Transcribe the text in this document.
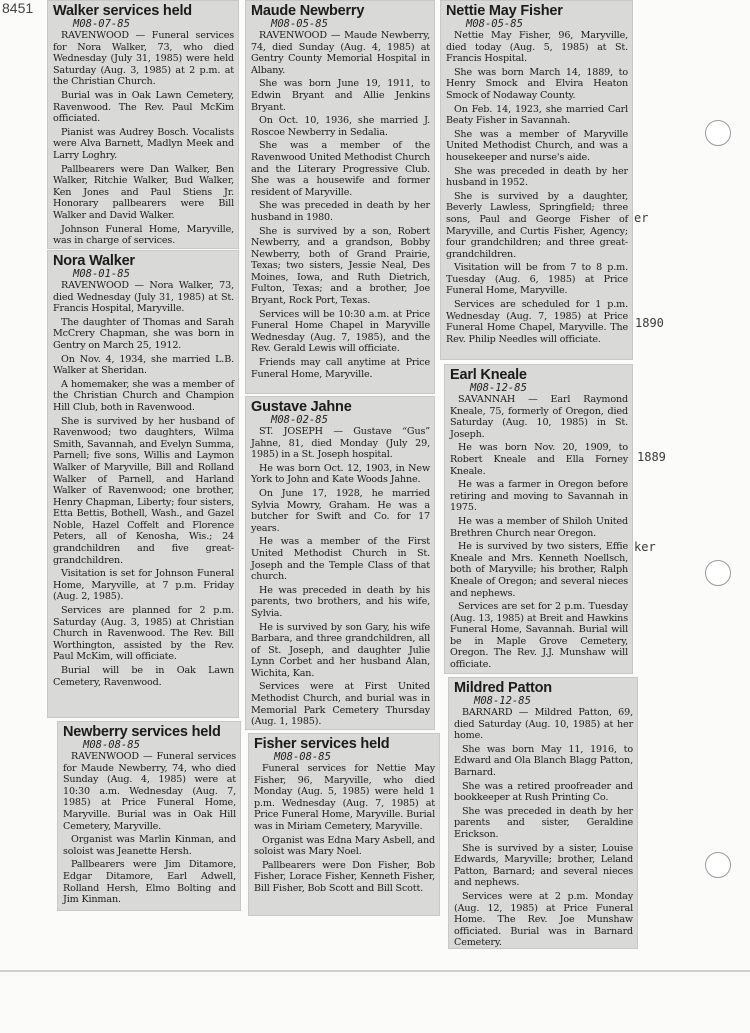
8451 Walker services held

M08-07-85

RAVENWOOD — Funeral services for Nora Walker, 73, who died Wednesday (July 31, 1985) were held Saturday (Aug. 3, 1985) at 2 p.m. at the Christian Church.

Burial was in Oak Lawn Cemetery, Ravenwood. The Rev. Paul McKim officiated.

Pianist was Audrey Bosch. Vocalists were Alva Barnett, Madlyn Meek and Larry Loghry.

Pallbearers were Dan Walker, Ben Walker, Ritchie Walker, Bud Walker, Ken Jones and Paul Stiens Jr. Honorary pallbearers were Bill Walker and David Walker.

Johnson Funeral Home, Maryville, was in charge of services.

Nora Walker

M08-01-85

RAVENWOOD — Nora Walker, 73, died Wednesday (July 31, 1985) at St. Francis Hospital, Maryville.

The daughter of Thomas and Sarah McCrery Chapman, she was born in Gentry on March 25, 1912.

On Nov. 4, 1934, she married L.B. Walker at Sheridan.

A homemaker, she was a member of the Christian Church and Champion Hill Club, both in Ravenwood.

She is survived by her husband of Ravenwood; two daughters, Wilma Smith, Savannah, and Evelyn Summa, Parnell; five sons, Willis and Laymon Walker of Maryville, Bill and Rolland Walker of Parnell, and Harland Walker of Ravenwood; one brother, Henry Chapman, Liberty; four sisters, Etta Bettis, Bothell, Wash., and Gazel Noble, Hazel Coffelt and Florence Peters, all of Kenosha, Wis.; 24 grandchildren and five great-grandchildren.

Visitation is set for Johnson Funeral Home, Maryville, at 7 p.m. Friday (Aug. 2, 1985).

Services are planned for 2 p.m. Saturday (Aug. 3, 1985) at Christian Church in Ravenwood. The Rev. Bill Worthington, assisted by the Rev. Paul McKim, will officiate.

Burial will be in Oak Lawn Cemetery, Ravenwood.

Newberry services held

M08-08-85

RAVENWOOD — Funeral services for Maude Newberry, 74, who died Sunday (Aug. 4, 1985) were at 10:30 a.m. Wednesday (Aug. 7, 1985) at Price Funeral Home, Maryville. Burial was in Oak Hill Cemetery, Maryville.

Organist was Marlin Kinman, and soloist was Jeanette Hersh.

Pallbearers were Jim Ditamore, Edgar Ditamore, Earl Adwell, Rolland Hersh, Elmo Bolting and Jim Kinman.

Maude Newberry

M08-05-85

RAVENWOOD — Maude Newberry, 74, died Sunday (Aug. 4, 1985) at Gentry County Memorial Hospital in Albany.

She was born June 19, 1911, to Edwin Bryant and Allie Jenkins Bryant.

On Oct. 10, 1936, she married J. Roscoe Newberry in Sedalia.

She was a member of the Ravenwood United Methodist Church and the Literary Progressive Club. She was a housewife and former resident of Maryville.

She was preceded in death by her husband in 1980.

She is survived by a son, Robert Newberry, and a grandson, Bobby Newberry, both of Grand Prairie, Texas; two sisters, Jessie Neal, Des Moines, Iowa, and Ruth Dietrich, Fulton, Texas; and a brother, Joe Bryant, Rock Port, Texas.

Services will be 10:30 a.m. at Price Funeral Home Chapel in Maryville Wednesday (Aug. 7, 1985), and the Rev. Gerald Lewis will officiate.

Friends may call anytime at Price Funeral Home, Maryville.

Gustave Jahne

M08-02-85

ST. JOSEPH — Gustave “Gus” Jahne, 81, died Monday (July 29, 1985) in a St. Joseph hospital.

He was born Oct. 12, 1903, in New York to John and Kate Woods Jahne.

On June 17, 1928, he married Sylvia Mowry, Graham. He was a butcher for Swift and Co. for 17 years.

He was a member of the First United Methodist Church in St. Joseph and the Temple Class of that church.

He was preceded in death by his parents, two brothers, and his wife, Sylvia.

He is survived by son Gary, his wife Barbara, and three grandchildren, all of St. Joseph, and daughter Julie Lynn Corbet and her husband Alan, Wichita, Kan.

Services were at First United Methodist Church, and burial was in Memorial Park Cemetery Thursday (Aug. 1, 1985).

Fisher services held

M08-08-85

Funeral services for Nettie May Fisher, 96, Maryville, who died Monday (Aug. 5, 1985) were held 1 p.m. Wednesday (Aug. 7, 1985) at Price Funeral Home, Maryville. Burial was in Miriam Cemetery, Maryville.

Organist was Edna Mary Asbell, and soloist was Mary Noel.

Pallbearers were Don Fisher, Bob Fisher, Lorace Fisher, Kenneth Fisher, Bill Fisher, Bob Scott and Bill Scott.

Nettie May Fisher

M08-05-85

Nettie May Fisher, 96, Maryville, died today (Aug. 5, 1985) at St. Francis Hospital.

She was born March 14, 1889, to Henry Smock and Elvira Heaton Smock of Nodaway County.

On Feb. 14, 1923, she married Carl Beaty Fisher in Savannah.

She was a member of Maryville United Methodist Church, and was a housekeeper and nurse's aide.

She was preceded in death by her husband in 1952.

She is survived by a daughter, Beverly Lawless, Springfield; three sons, Paul and George Fisher of Maryville, and Curtis Fisher, Agency; four grandchildren; and three great-grandchildren.

Visitation will be from 7 to 8 p.m. Tuesday (Aug. 6, 1985) at Price Funeral Home, Maryville.

Services are scheduled for 1 p.m. Wednesday (Aug. 7, 1985) at Price Funeral Home Chapel, Maryville. The Rev. Philip Needles will officiate.

Earl Kneale

M08-12-85

SAVANNAH — Earl Raymond Kneale, 75, formerly of Oregon, died Saturday (Aug. 10, 1985) in St. Joseph.

He was born Nov. 20, 1909, to Robert Kneale and Ella Forney Kneale.

He was a farmer in Oregon before retiring and moving to Savannah in 1975.

He was a member of Shiloh United Brethren Church near Oregon.

He is survived by two sisters, Effie Kneale and Mrs. Kenneth Noellsch, both of Maryville; his brother, Ralph Kneale of Oregon; and several nieces and nephews.

Services are set for 2 p.m. Tuesday (Aug. 13, 1985) at Breit and Hawkins Funeral Home, Savannah. Burial will be in Maple Grove Cemetery, Oregon. The Rev. J.J. Munshaw will officiate.

Mildred Patton

M08-12-85

BARNARD — Mildred Patton, 69, died Saturday (Aug. 10, 1985) at her home.

She was born May 11, 1916, to Edward and Ola Blanch Blagg Patton, Barnard.

She was a retired proofreader and bookkeeper at Rush Printing Co.

She was preceded in death by her parents and sister, Geraldine Erickson.

She is survived by a sister, Louise Edwards, Maryville; brother, Leland Patton, Barnard; and several nieces and nephews.

Services were at 2 p.m. Monday (Aug. 12, 1985) at Price Funeral Home. The Rev. Joe Munshaw officiated. Burial was in Barnard Cemetery.

er
1890
1889
ker
